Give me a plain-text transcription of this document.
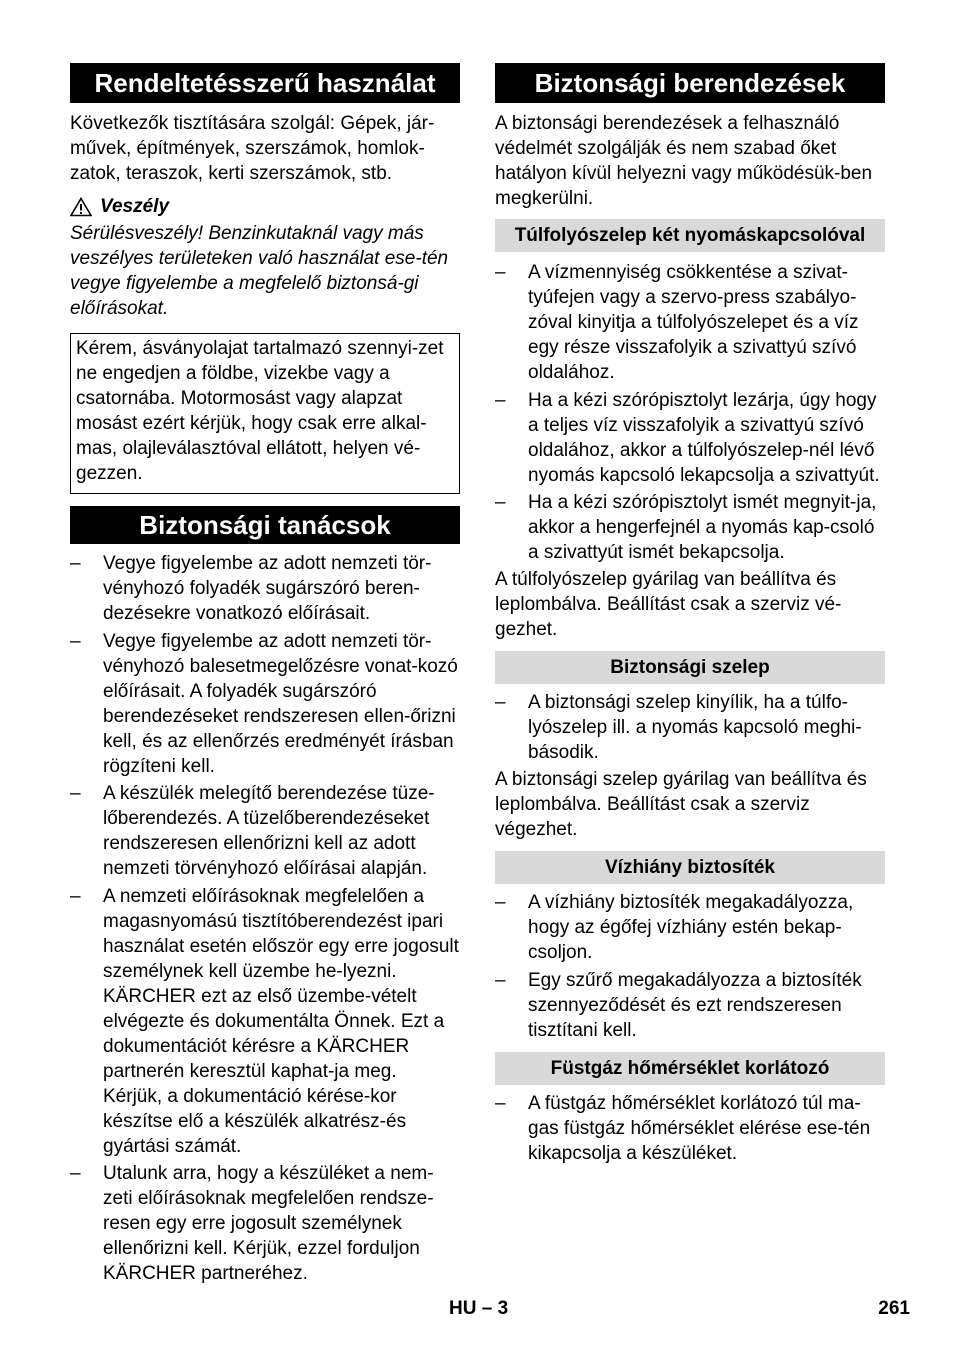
Rendeltetésszerű használat

Következők tisztítására szolgál: Gépek, jár-művek, építmények, szerszámok, homlok-zatok, teraszok, kerti szerszámok, stb.

Veszély

Sérülésveszély! Benzinkutaknál vagy más veszélyes területeken való használat ese-tén vegye figyelembe a megfelelő biztonsá-gi előírásokat.

Kérem, ásványolajat tartalmazó szennyi-zet ne engedjen a földbe, vizekbe vagy a csatornába. Motormosást vagy alapzat mosást ezért kérjük, hogy csak erre alkal-mas, olajleválasztóval ellátott, helyen vé-gezzen.

Biztonsági tanácsok
– Vegye figyelembe az adott nemzeti tör-vényhozó folyadék sugárszóró beren-dezésekre vonatkozó előírásait.
– Vegye figyelembe az adott nemzeti tör-vényhozó balesetmegelőzésre vonat-kozó előírásait. A folyadék sugárszóró berendezéseket rendszeresen ellen-őrizni kell, és az ellenőrzés eredményét írásban rögzíteni kell.
– A készülék melegítő berendezése tüze-lőberendezés. A tüzelőberendezéseket rendszeresen ellenőrizni kell az adott nemzeti törvényhozó előírásai alapján.
– A nemzeti előírásoknak megfelelően a magasnyomású tisztítóberendezést ipari használat esetén először egy erre jogosult személynek kell üzembe he-lyezni. KÄRCHER ezt az első üzembe-vételt elvégezte és dokumentálta Önnek. Ezt a dokumentációt kérésre a KÄRCHER partnerén keresztül kaphat-ja meg. Kérjük, a dokumentáció kérése-kor készítse elő a készülék alkatrész-és gyártási számát.
– Utalunk arra, hogy a készüléket a nem-zeti előírásoknak megfelelően rendsze-resen egy erre jogosult személynek ellenőrizni kell. Kérjük, ezzel forduljon KÄRCHER partneréhez.
Biztonsági berendezések

A biztonsági berendezések a felhasználó védelmét szolgálják és nem szabad őket hatályon kívül helyezni vagy működésük-ben megkerülni.

Túlfolyószelep két nyomáskapcsolóval
– A vízmennyiség csökkentése a szivat-tyúfejen vagy a szervo-press szabályo-zóval kinyitja a túlfolyószelepet és a víz egy része visszafolyik a szivattyú szívó oldalához.
– Ha a kézi szórópisztolyt lezárja, úgy hogy a teljes víz visszafolyik a szivattyú szívó oldalához, akkor a túlfolyószelep-nél lévő nyomás kapcsoló lekapcsolja a szivattyút.
– Ha a kézi szórópisztolyt ismét megnyit-ja, akkor a hengerfejnél a nyomás kap-csoló a szivattyút ismét bekapcsolja.

A túlfolyószelep gyárilag van beállítva és leplombálva. Beállítást csak a szerviz vé-gezhet.

Biztonsági szelep
– A biztonsági szelep kinyílik, ha a túlfo-lyószelep ill. a nyomás kapcsoló meghi-básodik.

A biztonsági szelep gyárilag van beállítva és leplombálva. Beállítást csak a szerviz végezhet.

Vízhiány biztosíték
– A vízhiány biztosíték megakadályozza, hogy az égőfej vízhiány estén bekap-csoljon.
– Egy szűrő megakadályozza a biztosíték szennyeződését és ezt rendszeresen tisztítani kell.
Füstgáz hőmérséklet korlátozó
– A füstgáz hőmérséklet korlátozó túl ma-gas füstgáz hőmérséklet elérése ese-tén kikapcsolja a készüléket.
HU – 3	261
